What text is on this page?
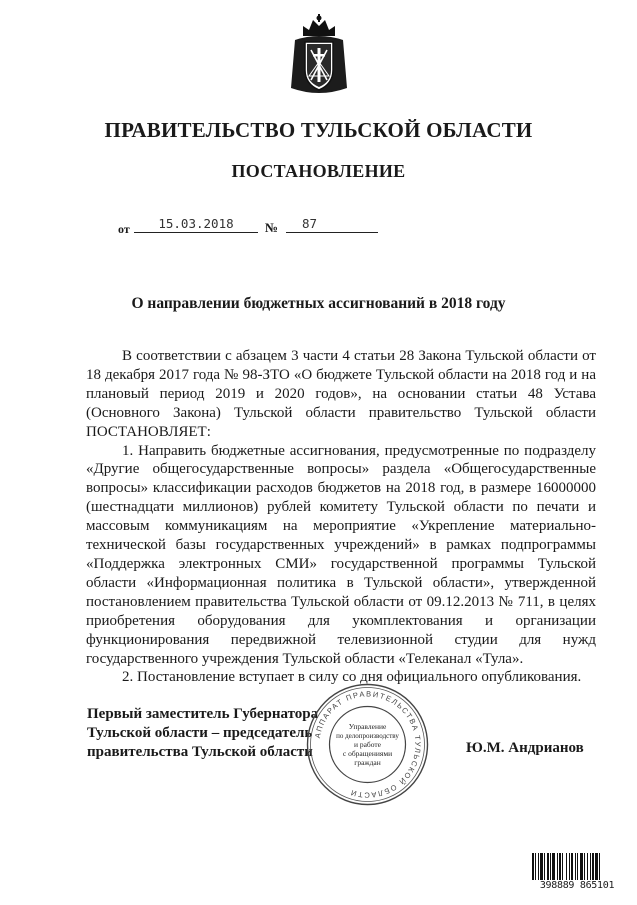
ПРАВИТЕЛЬСТВО ТУЛЬСКОЙ ОБЛАСТИ
ПОСТАНОВЛЕНИЕ
от	15.03.2018	№	87
О направлении бюджетных ассигнований в 2018 году

В соответствии с абзацем 3 части 4 статьи 28 Закона Тульской области от 18 декабря 2017 года № 98-ЗТО «О бюджете Тульской области на 2018 год и на плановый период 2019 и 2020 годов», на основании статьи 48 Устава (Основного Закона) Тульской области правительство Тульской области ПОСТАНОВЛЯЕТ:

1. Направить бюджетные ассигнования, предусмотренные по подразделу «Другие общегосударственные вопросы» раздела «Общегосударственные вопросы» классификации расходов бюджетов на 2018 год, в размере 16000000 (шестнадцати миллионов) рублей комитету Тульской области по печати и массовым коммуникациям на мероприятие «Укрепление материально-технической базы государственных учреждений» в рамках подпрограммы «Поддержка электронных СМИ» государственной программы Тульской области «Информационная политика в Тульской области», утвержденной постановлением правительства Тульской области от 09.12.2013 № 711, в целях приобретения оборудования для укомплектования и организации функционирования передвижной телевизионной студии для нужд государственного учреждения Тульской области «Телеканал «Тула».

2. Постановление вступает в силу со дня официального опубликования.

Первый заместитель Губернатора
Тульской области – председатель
правительства Тульской области
АППАРАТ ПРАВИТЕЛЬСТВА ТУЛЬСКОЙ ОБЛАСТИ
Управление
по делопроизводству
и работе
с обращениями
граждан
Ю.М. Андрианов
398889 865101
